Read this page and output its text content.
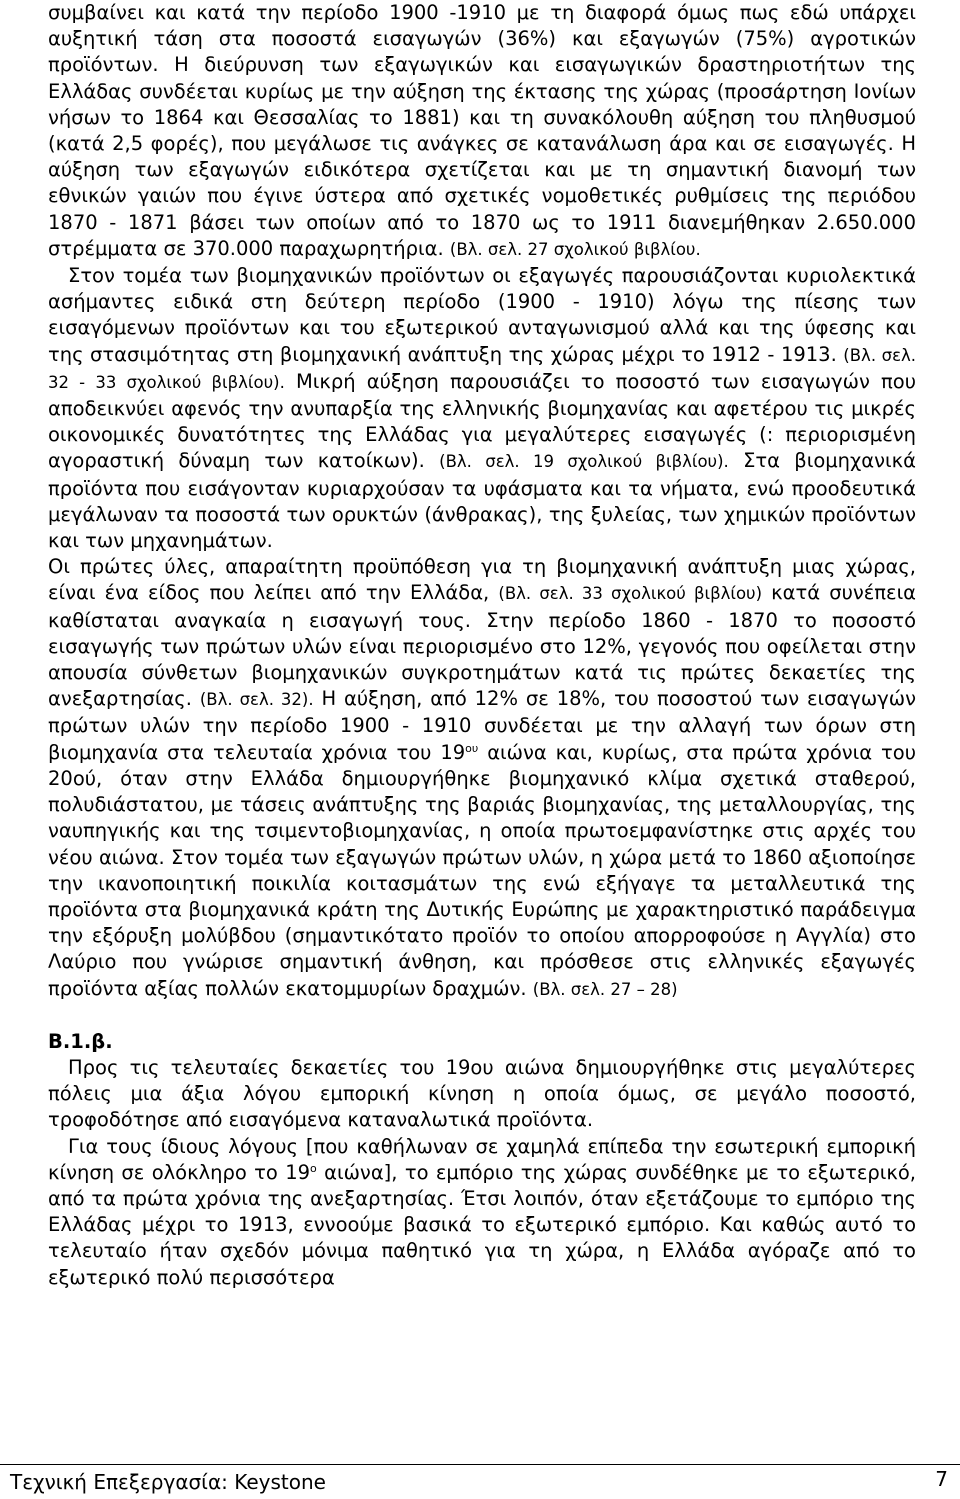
συμβαίνει και κατά την περίοδο 1900 -1910 με τη διαφορά όμως πως εδώ υπάρχει αυξητική τάση στα ποσοστά εισαγωγών (36%) και εξαγωγών (75%) αγροτικών προϊόντων. Η διεύρυνση των εξαγωγικών και εισαγωγικών δραστηριοτήτων της Ελλάδας συνδέεται κυρίως με την αύξηση της έκτασης της χώρας (προσάρτηση Ιονίων νήσων το 1864 και Θεσσαλίας το 1881) και τη συνακόλουθη αύξηση του πληθυσμού (κατά 2,5 φορές), που μεγάλωσε τις ανάγκες σε κατανάλωση άρα και σε εισαγωγές. Η αύξηση των εξαγωγών ειδικότερα σχετίζεται και με τη σημαντική διανομή των εθνικών γαιών που έγινε ύστερα από σχετικές νομοθετικές ρυθμίσεις της περιόδου 1870 - 1871 βάσει των οποίων από το 1870 ως το 1911 διανεμήθηκαν 2.650.000 στρέμματα σε 370.000 παραχωρητήρια. (Βλ. σελ. 27 σχολικού βιβλίου.

Στον τομέα των βιομηχανικών προϊόντων οι εξαγωγές παρουσιάζονται κυριολεκτικά ασήμαντες ειδικά στη δεύτερη περίοδο (1900 - 1910) λόγω της πίεσης των εισαγόμενων προϊόντων και του εξωτερικού ανταγωνισμού αλλά και της ύφεσης και της στασιμότητας στη βιομηχανική ανάπτυξη της χώρας μέχρι το 1912 - 1913. (Βλ. σελ. 32 - 33 σχολικού βιβλίου). Μικρή αύξηση παρουσιάζει το ποσοστό των εισαγωγών που αποδεικνύει αφενός την ανυπαρξία της ελληνικής βιομηχανίας και αφετέρου τις μικρές οικονομικές δυνατότητες της Ελλάδας για μεγαλύτερες εισαγωγές (: περιορισμένη αγοραστική δύναμη των κατοίκων). (Βλ. σελ. 19 σχολικού βιβλίου). Στα βιομηχανικά προϊόντα που εισάγονταν κυριαρχούσαν τα υφάσματα και τα νήματα, ενώ προοδευτικά μεγάλωναν τα ποσοστά των ορυκτών (άνθρακας), της ξυλείας, των χημικών προϊόντων και των μηχανημάτων.

Οι πρώτες ύλες, απαραίτητη προϋπόθεση για τη βιομηχανική ανάπτυξη μιας χώρας, είναι ένα είδος που λείπει από την Ελλάδα, (Βλ. σελ. 33 σχολικού βιβλίου) κατά συνέπεια καθίσταται αναγκαία η εισαγωγή τους. Στην περίοδο 1860 - 1870 το ποσοστό εισαγωγής των πρώτων υλών είναι περιορισμένο στο 12%, γεγονός που οφείλεται στην απουσία σύνθετων βιομηχανικών συγκροτημάτων κατά τις πρώτες δεκαετίες της ανεξαρτησίας. (Βλ. σελ. 32). Η αύξηση, από 12% σε 18%, του ποσοστού των εισαγωγών πρώτων υλών την περίοδο 1900 - 1910 συνδέεται με την αλλαγή των όρων στη βιομηχανία στα τελευταία χρόνια του $19^{o\upsilon}$ αιώνα και, κυρίως, στα πρώτα χρόνια του 20ού, όταν στην Ελλάδα δημιουργήθηκε βιομηχανικό κλίμα σχετικά σταθερού, πολυδιάστατου, με τάσεις ανάπτυξης της βαριάς βιομηχανίας, της μεταλλουργίας, της ναυπηγικής και της τσιμεντοβιομηχανίας, η οποία πρωτοεμφανίστηκε στις αρχές του νέου αιώνα. Στον τομέα των εξαγωγών πρώτων υλών, η χώρα μετά το 1860 αξιοποίησε την ικανοποιητική ποικιλία κοιτασμάτων της ενώ εξήγαγε τα μεταλλευτικά της προϊόντα στα βιομηχανικά κράτη της Δυτικής Ευρώπης με χαρακτηριστικό παράδειγμα την εξόρυξη μολύβδου (σημαντικότατο προϊόν το οποίου απορροφούσε η Αγγλία) στο Λαύριο που γνώρισε σημαντική άνθηση, και πρόσθεσε στις ελληνικές εξαγωγές προϊόντα αξίας πολλών εκατομμυρίων δραχμών. (Βλ. σελ. 27 – 28)

Β.1.β.

Προς τις τελευταίες δεκαετίες του 19ου αιώνα δημιουργήθηκε στις μεγαλύτερες πόλεις μια άξια λόγου εμπορική κίνηση η οποία όμως, σε μεγάλο ποσοστό, τροφοδότησε από εισαγόμενα καταναλωτικά προϊόντα.

Για τους ίδιους λόγους [που καθήλωναν σε χαμηλά επίπεδα την εσωτερική εμπορική κίνηση σε ολόκληρο το $19^o$ αιώνα], το εμπόριο της χώρας συνδέθηκε με το εξωτερικό, από τα πρώτα χρόνια της ανεξαρτησίας. Έτσι λοιπόν, όταν εξετάζουμε το εμπόριο της Ελλάδας μέχρι το 1913, εννοούμε βασικά το εξωτερικό εμπόριο. Και καθώς αυτό το τελευταίο ήταν σχεδόν μόνιμα παθητικό για τη χώρα, η Ελλάδα αγόραζε από το εξωτερικό πολύ περισσότερα

Τεχνική Επεξεργασία: Keystone	7
